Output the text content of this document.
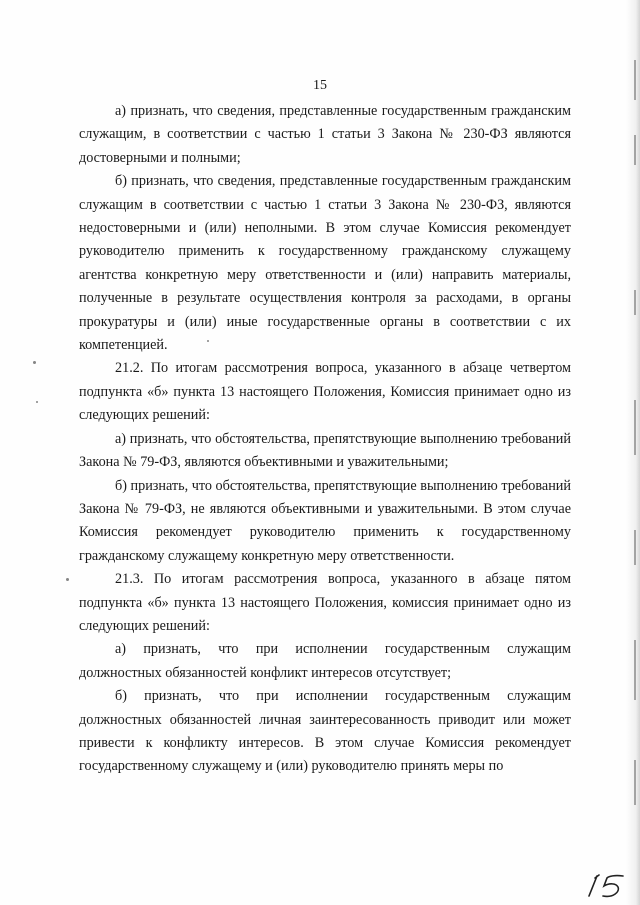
15

а) признать, что сведения, представленные государственным гражданским служащим, в соответствии с частью 1 статьи 3 Закона № 230-ФЗ являются достоверными и полными;

б) признать, что сведения, представленные государственным гражданским служащим в соответствии с частью 1 статьи 3 Закона № 230-ФЗ, являются недостоверными и (или) неполными. В этом случае Комиссия рекомендует руководителю применить к государственному гражданскому служащему агентства конкретную меру ответственности и (или) направить материалы, полученные в результате осуществления контроля за расходами, в органы прокуратуры и (или) иные государственные органы в соответствии с их компетенцией.

21.2. По итогам рассмотрения вопроса, указанного в абзаце четвертом подпункта «б» пункта 13 настоящего Положения, Комиссия принимает одно из следующих решений:

а) признать, что обстоятельства, препятствующие выполнению требований Закона № 79-ФЗ, являются объективными и уважительными;

б) признать, что обстоятельства, препятствующие выполнению требований Закона № 79-ФЗ, не являются объективными и уважительными. В этом случае Комиссия рекомендует руководителю применить к государственному гражданскому служащему конкретную меру ответственности.

21.3. По итогам рассмотрения вопроса, указанного в абзаце пятом подпункта «б» пункта 13 настоящего Положения, комиссия принимает одно из следующих решений:

а) признать, что при исполнении государственным служащим должностных обязанностей конфликт интересов отсутствует;

б) признать, что при исполнении государственным служащим должностных обязанностей личная заинтересованность приводит или может привести к конфликту интересов. В этом случае Комиссия рекомендует государственному служащему и (или) руководителю принять меры по
